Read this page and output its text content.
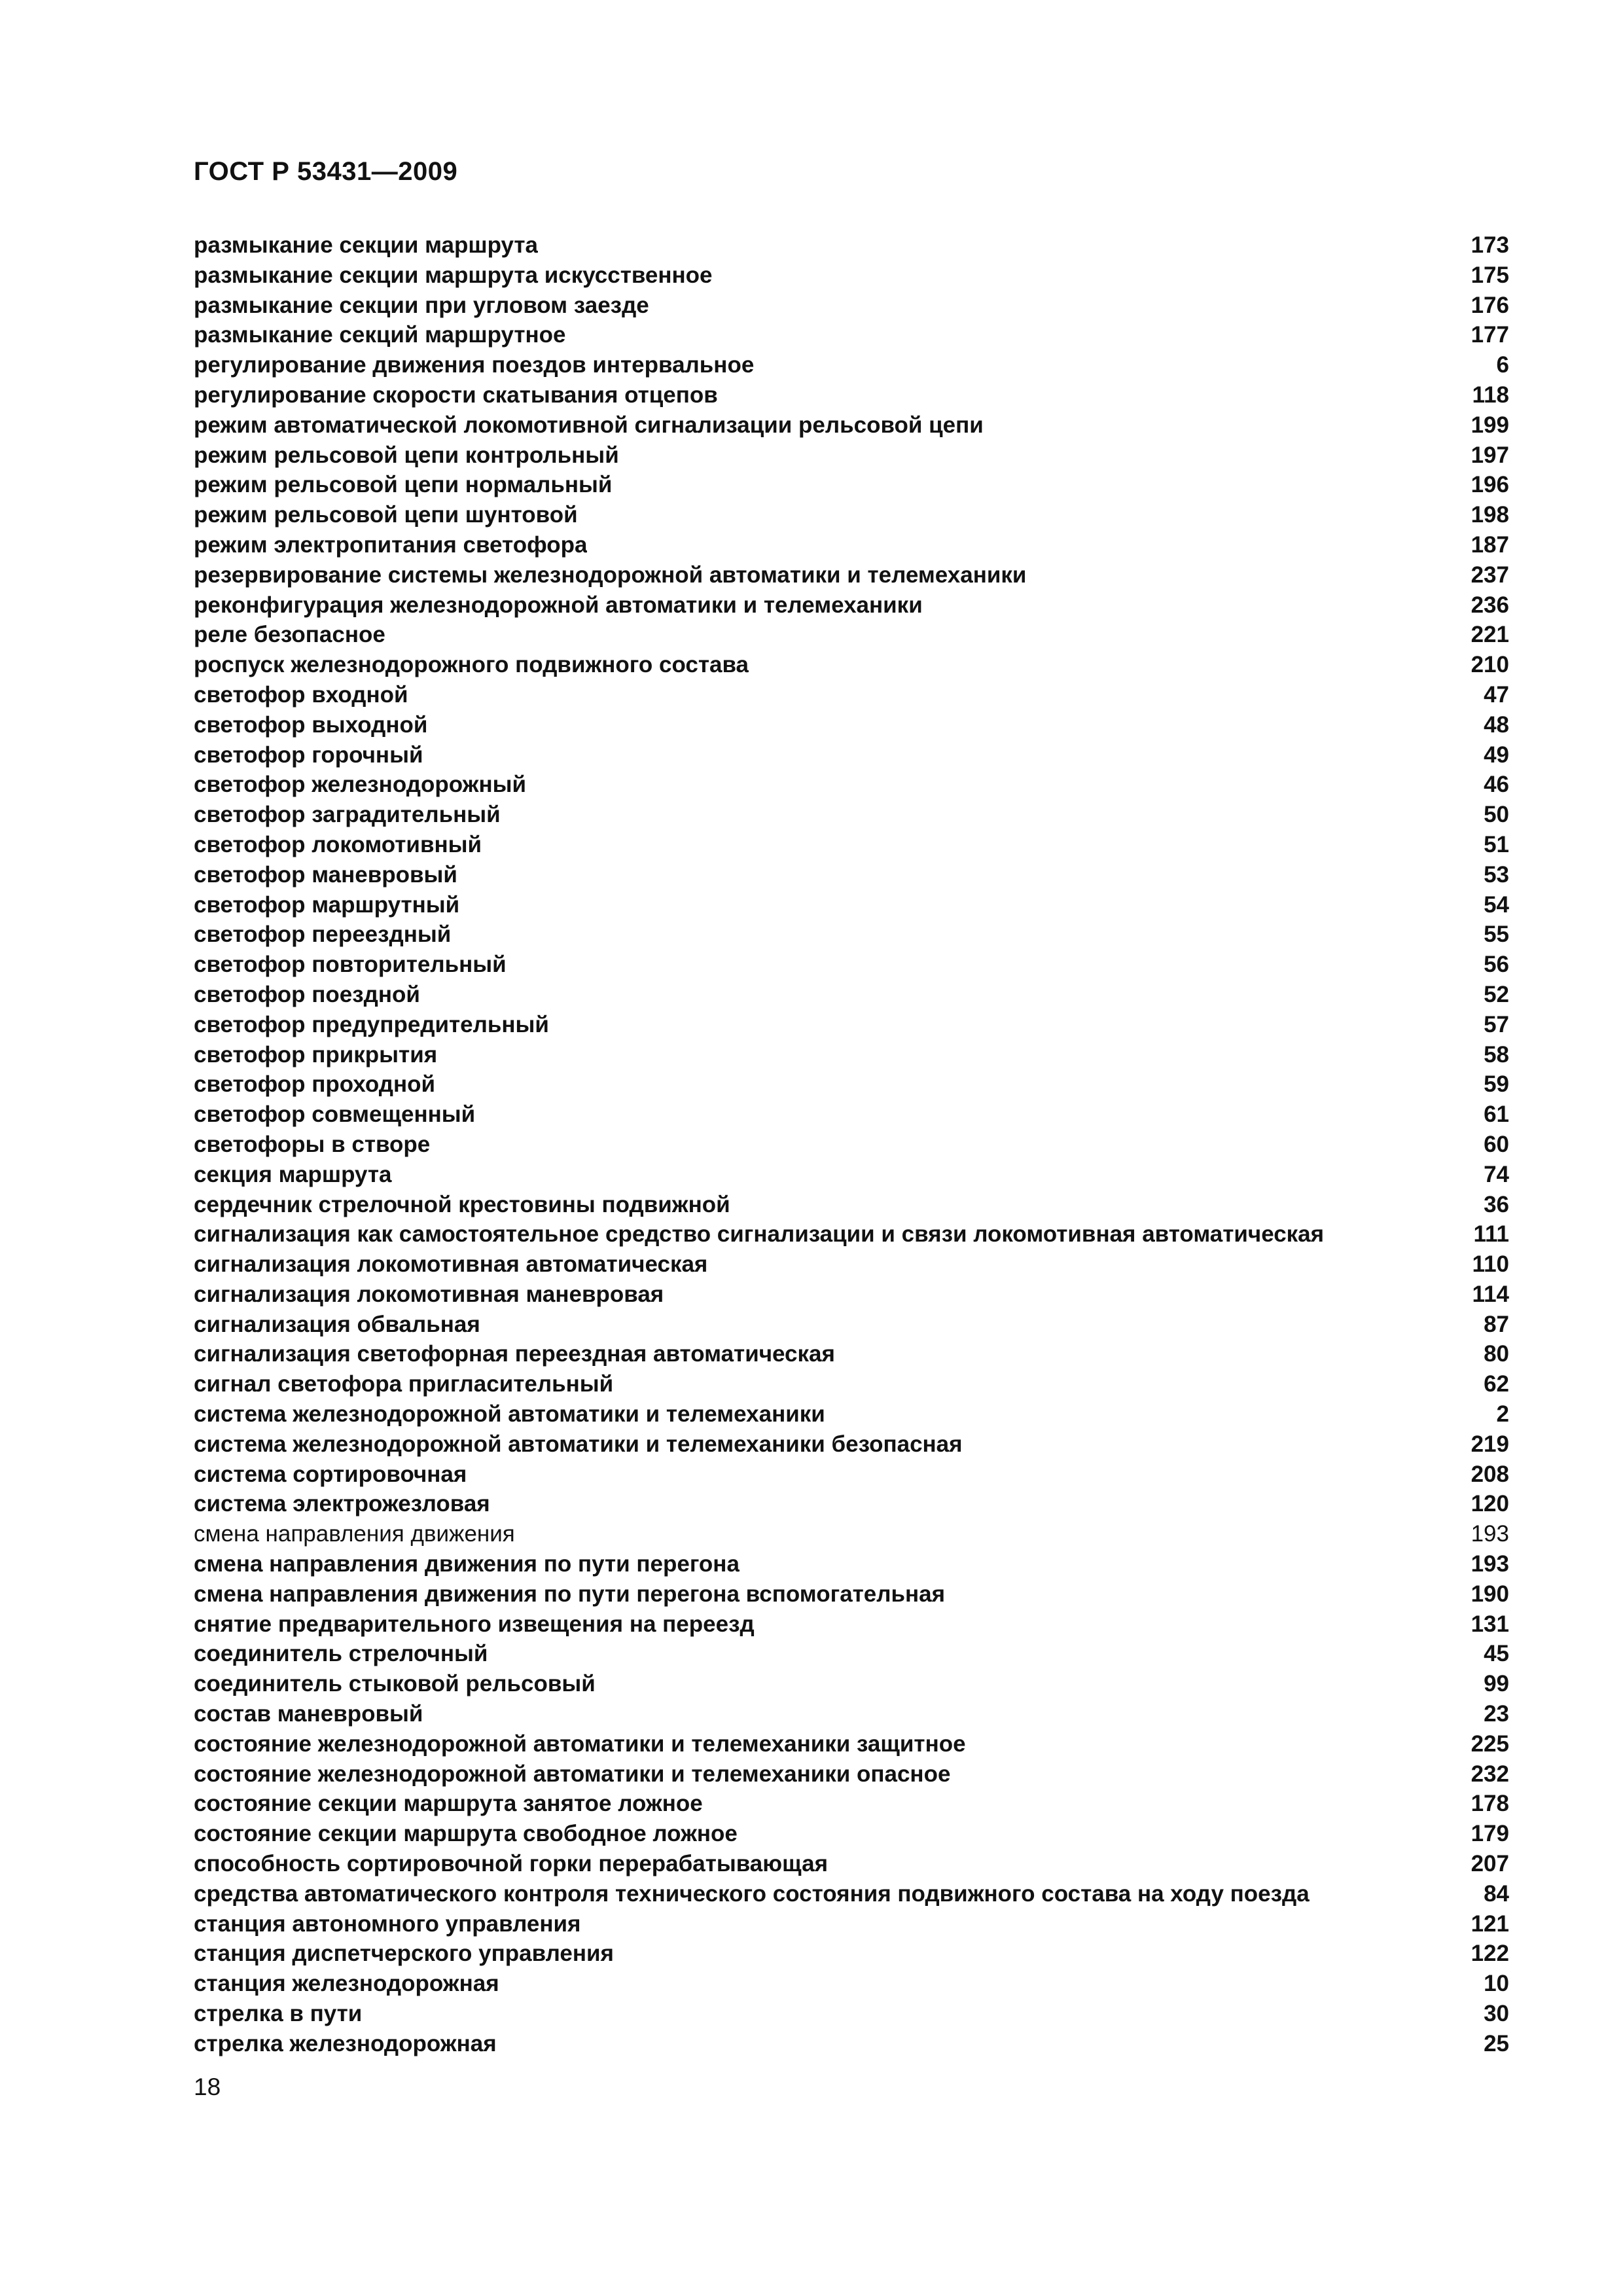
ГОСТ Р 53431—2009
размыкание секции маршрута	173
размыкание секции маршрута искусственное	175
размыкание секции при угловом заезде	176
размыкание секций маршрутное	177
регулирование движения поездов интервальное	6
регулирование скорости скатывания отцепов	118
режим автоматической локомотивной сигнализации рельсовой цепи	199
режим рельсовой цепи контрольный	197
режим рельсовой цепи нормальный	196
режим рельсовой цепи шунтовой	198
режим электропитания светофора	187
резервирование системы железнодорожной автоматики и телемеханики	237
реконфигурация железнодорожной автоматики и телемеханики	236
реле безопасное	221
роспуск железнодорожного подвижного состава	210
светофор входной	47
светофор выходной	48
светофор горочный	49
светофор железнодорожный	46
светофор заградительный	50
светофор локомотивный	51
светофор маневровый	53
светофор маршрутный	54
светофор переездный	55
светофор повторительный	56
светофор поездной	52
светофор предупредительный	57
светофор прикрытия	58
светофор проходной	59
светофор совмещенный	61
светофоры в створе	60
секция маршрута	74
сердечник стрелочной крестовины подвижной	36
сигнализация как самостоятельное средство сигнализации и связи локомотивная автоматическая	111
сигнализация локомотивная автоматическая	110
сигнализация локомотивная маневровая	114
сигнализация обвальная	87
сигнализация светофорная переездная автоматическая	80
сигнал светофора пригласительный	62
система железнодорожной автоматики и телемеханики	2
система железнодорожной автоматики и телемеханики безопасная	219
система сортировочная	208
система электрожезловая	120
смена направления движения	193
смена направления движения по пути перегона	193
смена направления движения по пути перегона вспомогательная	190
снятие предварительного извещения на переезд	131
соединитель стрелочный	45
соединитель стыковой рельсовый	99
состав маневровый	23
состояние железнодорожной автоматики и телемеханики защитное	225
состояние железнодорожной автоматики и телемеханики опасное	232
состояние секции маршрута занятое ложное	178
состояние секции маршрута свободное ложное	179
способность сортировочной горки перерабатывающая	207
средства автоматического контроля технического состояния подвижного состава на ходу поезда	84
станция автономного управления	121
станция диспетчерского управления	122
станция железнодорожная	10
стрелка в пути	30
стрелка железнодорожная	25
18
